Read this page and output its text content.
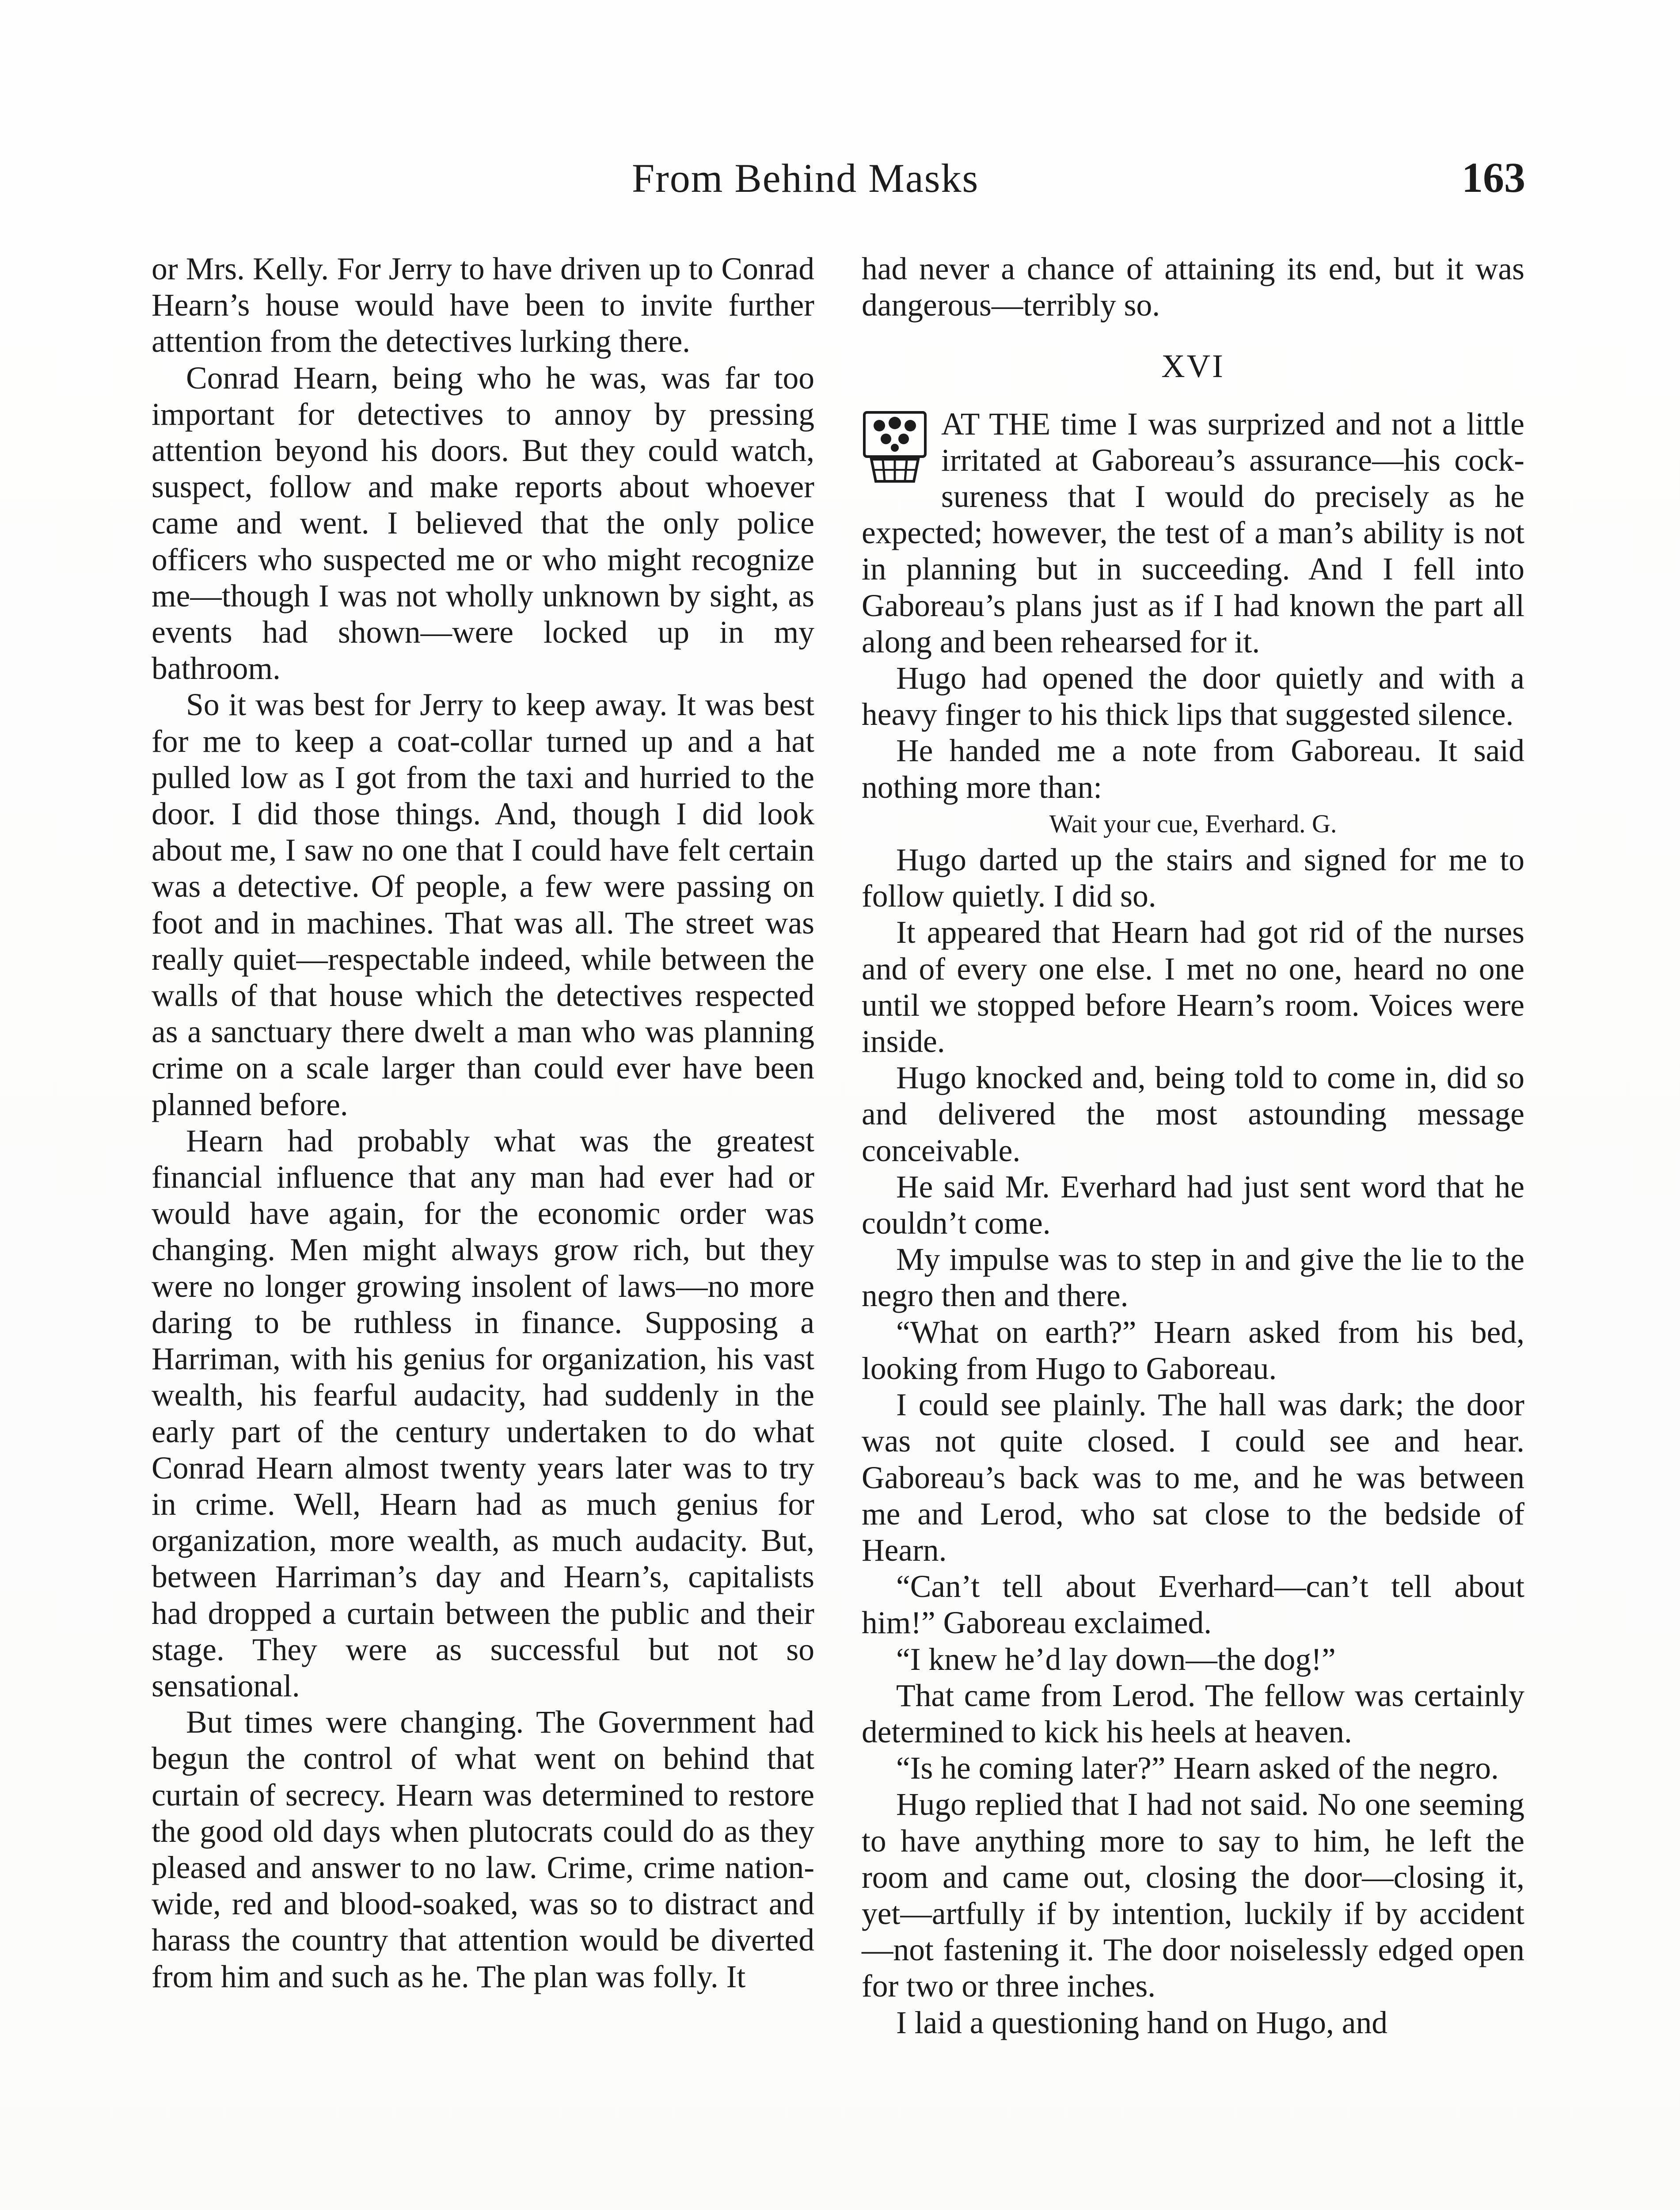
From Behind Masks	163

or Mrs. Kelly. For Jerry to have driven up to Conrad Hearn’s house would have been to invite further attention from the detectives lurking there.

Conrad Hearn, being who he was, was far too important for detectives to annoy by pressing attention beyond his doors. But they could watch, suspect, follow and make reports about whoever came and went. I believed that the only police officers who suspected me or who might recognize me—though I was not wholly unknown by sight, as events had shown—were locked up in my bathroom.

So it was best for Jerry to keep away. It was best for me to keep a coat-collar turned up and a hat pulled low as I got from the taxi and hurried to the door. I did those things. And, though I did look about me, I saw no one that I could have felt certain was a detective. Of people, a few were passing on foot and in machines. That was all. The street was really quiet—respectable indeed, while between the walls of that house which the detectives respected as a sanctuary there dwelt a man who was planning crime on a scale larger than could ever have been planned before.

Hearn had probably what was the greatest financial influence that any man had ever had or would have again, for the economic order was changing. Men might always grow rich, but they were no longer growing insolent of laws—no more daring to be ruthless in finance. Supposing a Harriman, with his genius for organization, his vast wealth, his fearful audacity, had suddenly in the early part of the century undertaken to do what Conrad Hearn almost twenty years later was to try in crime. Well, Hearn had as much genius for organization, more wealth, as much audacity. But, between Harriman’s day and Hearn’s, capitalists had dropped a curtain between the public and their stage. They were as successful but not so sensational.

But times were changing. The Government had begun the control of what went on behind that curtain of secrecy. Hearn was determined to restore the good old days when plutocrats could do as they pleased and answer to no law. Crime, crime nation-wide, red and blood-soaked, was so to distract and harass the country that attention would be diverted from him and such as he. The plan was folly. It

had never a chance of attaining its end, but it was dangerous—terribly so.

XVI

AT THE time I was surprized and not a little irritated at Gaboreau’s assurance—his cock-sureness that I would do precisely as he expected; however, the test of a man’s ability is not in planning but in succeeding. And I fell into Gaboreau’s plans just as if I had known the part all along and been rehearsed for it.

Hugo had opened the door quietly and with a heavy finger to his thick lips that suggested silence.

He handed me a note from Gaboreau. It said nothing more than:

Wait your cue, Everhard. G.

Hugo darted up the stairs and signed for me to follow quietly. I did so.

It appeared that Hearn had got rid of the nurses and of every one else. I met no one, heard no one until we stopped before Hearn’s room. Voices were inside.

Hugo knocked and, being told to come in, did so and delivered the most astounding message conceivable.

He said Mr. Everhard had just sent word that he couldn’t come.

My impulse was to step in and give the lie to the negro then and there.

“What on earth?” Hearn asked from his bed, looking from Hugo to Gaboreau.

I could see plainly. The hall was dark; the door was not quite closed. I could see and hear. Gaboreau’s back was to me, and he was between me and Lerod, who sat close to the bedside of Hearn.

“Can’t tell about Everhard—can’t tell about him!” Gaboreau exclaimed.

“I knew he’d lay down—the dog!”

That came from Lerod. The fellow was certainly determined to kick his heels at heaven.

“Is he coming later?” Hearn asked of the negro.

Hugo replied that I had not said. No one seeming to have anything more to say to him, he left the room and came out, closing the door—closing it, yet—artfully if by intention, luckily if by accident—not fastening it. The door noiselessly edged open for two or three inches.

I laid a questioning hand on Hugo, and
